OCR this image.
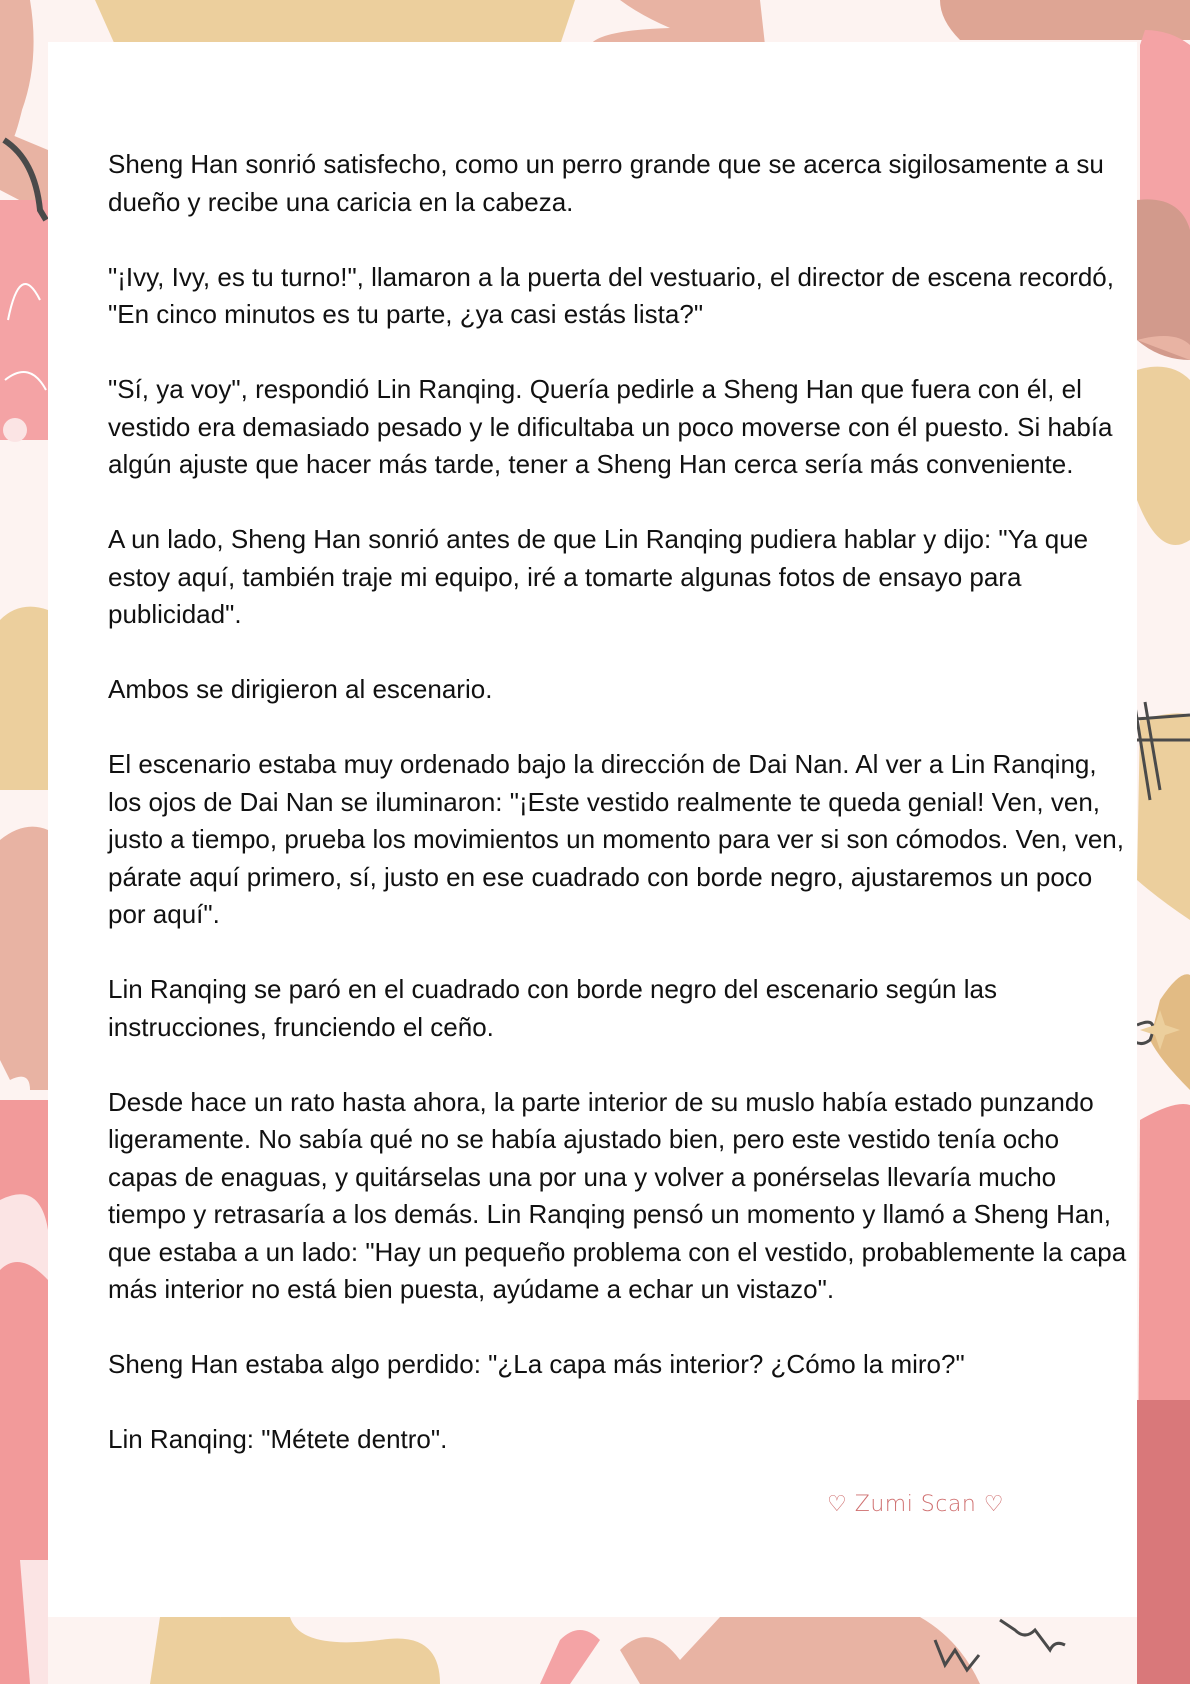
Sheng Han sonrió satisfecho, como un perro grande que se acerca sigilosamente a su dueño y recibe una caricia en la cabeza.

"¡Ivy, Ivy, es tu turno!", llamaron a la puerta del vestuario, el director de escena recordó, "En cinco minutos es tu parte, ¿ya casi estás lista?"

"Sí, ya voy", respondió Lin Ranqing. Quería pedirle a Sheng Han que fuera con él, el vestido era demasiado pesado y le dificultaba un poco moverse con él puesto. Si había algún ajuste que hacer más tarde, tener a Sheng Han cerca sería más conveniente.

A un lado, Sheng Han sonrió antes de que Lin Ranqing pudiera hablar y dijo: "Ya que estoy aquí, también traje mi equipo, iré a tomarte algunas fotos de ensayo para publicidad".

Ambos se dirigieron al escenario.

El escenario estaba muy ordenado bajo la dirección de Dai Nan. Al ver a Lin Ranqing, los ojos de Dai Nan se iluminaron: "¡Este vestido realmente te queda genial! Ven, ven, justo a tiempo, prueba los movimientos un momento para ver si son cómodos. Ven, ven, párate aquí primero, sí, justo en ese cuadrado con borde negro, ajustaremos un poco por aquí".

Lin Ranqing se paró en el cuadrado con borde negro del escenario según las instrucciones, frunciendo el ceño.

Desde hace un rato hasta ahora, la parte interior de su muslo había estado punzando ligeramente. No sabía qué no se había ajustado bien, pero este vestido tenía ocho capas de enaguas, y quitárselas una por una y volver a ponérselas llevaría mucho tiempo y retrasaría a los demás. Lin Ranqing pensó un momento y llamó a Sheng Han, que estaba a un lado: "Hay un pequeño problema con el vestido, probablemente la capa más interior no está bien puesta, ayúdame a echar un vistazo".

Sheng Han estaba algo perdido: "¿La capa más interior? ¿Cómo la miro?"

Lin Ranqing: "Métete dentro".

♡ Zumi Scan ♡
